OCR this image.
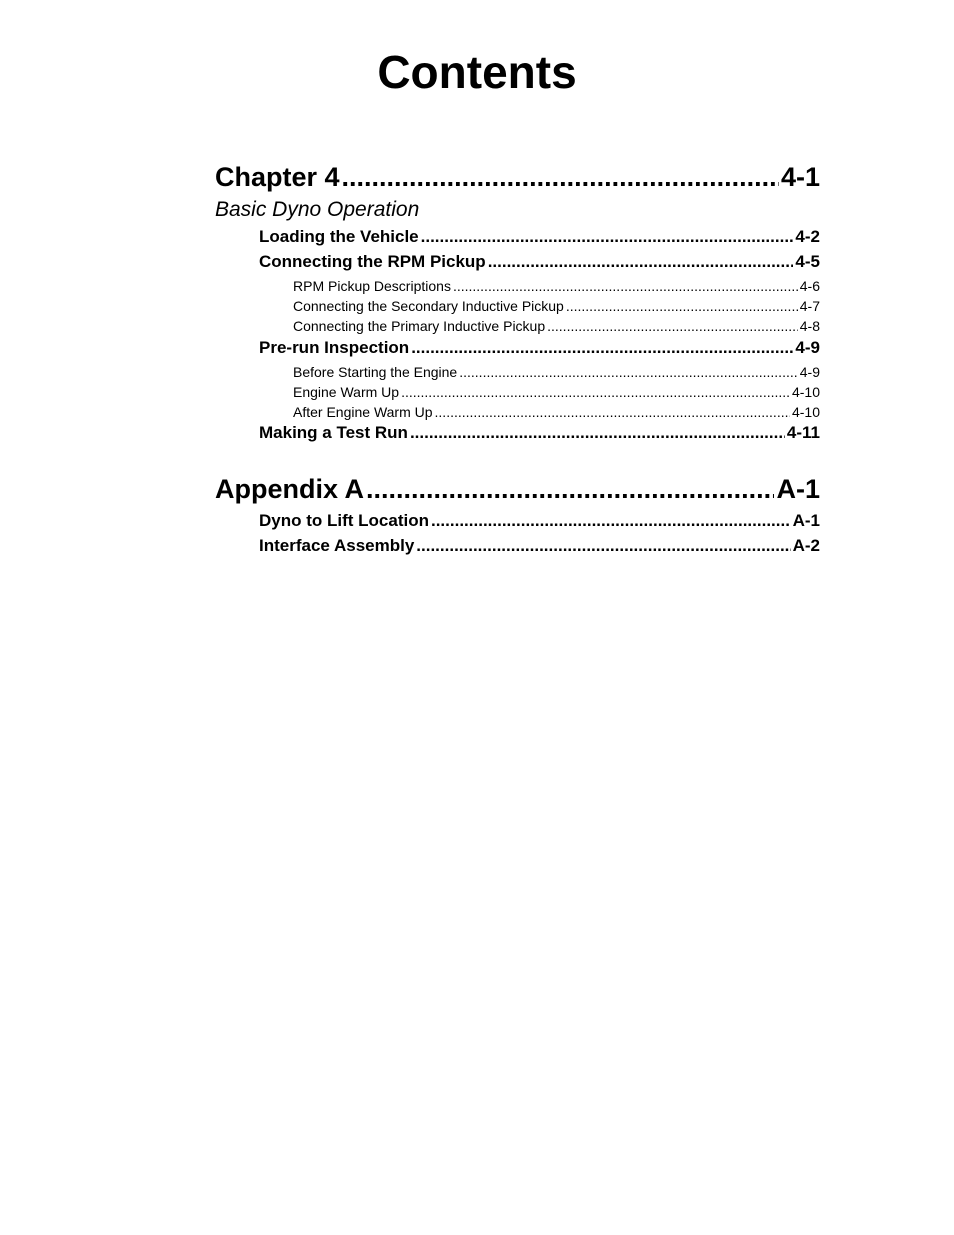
Contents
Chapter 4 .....	4-1
Basic Dyno Operation
Loading the Vehicle .....	4-2
Connecting the RPM Pickup .....	4-5
RPM Pickup Descriptions .....	4-6
Connecting the Secondary Inductive Pickup .....	4-7
Connecting the Primary Inductive Pickup .....	4-8
Pre-run Inspection .....	4-9
Before Starting the Engine .....	4-9
Engine Warm Up .....	4-10
After Engine Warm Up .....	4-10
Making a Test Run .....	4-11
Appendix A .....	A-1
Dyno to Lift Location .....	A-1
Interface Assembly .....	A-2
